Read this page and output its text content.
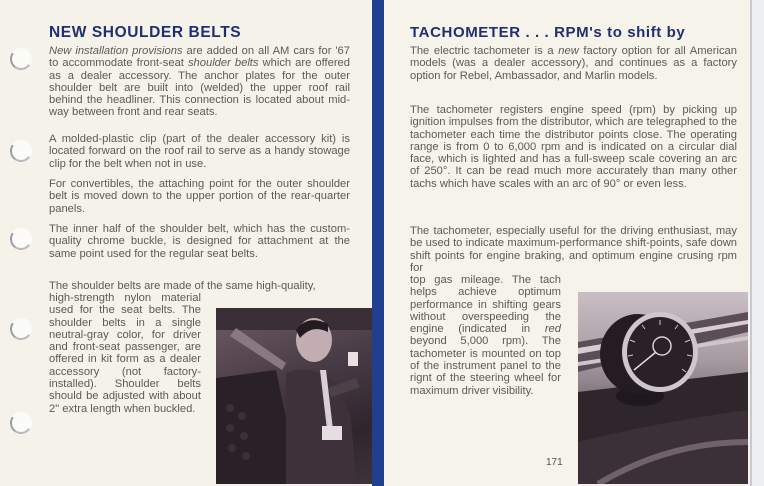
NEW SHOULDER BELTS

New installation provisions are added on all AM cars for '67 to accommodate front-seat shoulder belts which are offered as a dealer accessory. The anchor plates for the outer shoulder belt are built into (welded) the upper roof rail behind the headliner. This connection is located about mid-way between front and rear seats.

A molded-plastic clip (part of the dealer accessory kit) is located forward on the roof rail to serve as a handy stowage clip for the belt when not in use.

For convertibles, the attaching point for the outer shoulder belt is moved down to the upper portion of the rear-quarter panels.

The inner half of the shoulder belt, which has the custom-quality chrome buckle, is designed for attachment at the same point used for the regular seat belts.

The shoulder belts are made of the same high-quality,

high-strength nylon material used for the seat belts. The shoulder belts in a single neutral-gray color, for driver and front-seat passenger, are offered in kit form as a dealer accessory (not factory-installed). Shoulder belts should be adjusted with about 2" extra length when buckled.

TACHOMETER . . . RPM's to shift by

The electric tachometer is a new factory option for all American models (was a dealer accessory), and continues as a factory option for Rebel, Ambassador, and Marlin models.

The tachometer registers engine speed (rpm) by picking up ignition impulses from the distributor, which are telegraphed to the tachometer each time the distributor points close. The operating range is from 0 to 6,000 rpm and is indicated on a circular dial face, which is lighted and has a full-sweep scale covering an arc of 250°. It can be read much more accurately than many other tachs which have scales with an arc of 90° or even less.

The tachometer, especially useful for the driving enthusiast, may be used to indicate maximum-performance shift-points, safe down shift points for engine braking, and optimum engine crusing rpm for

top gas mileage. The tach helps achieve optimum performance in shifting gears without overspeeding the engine (indicated in red beyond 5,000 rpm). The tachometer is mounted on top of the instrument panel to the rignt of the steering wheel for maximum driver visibility.

171
